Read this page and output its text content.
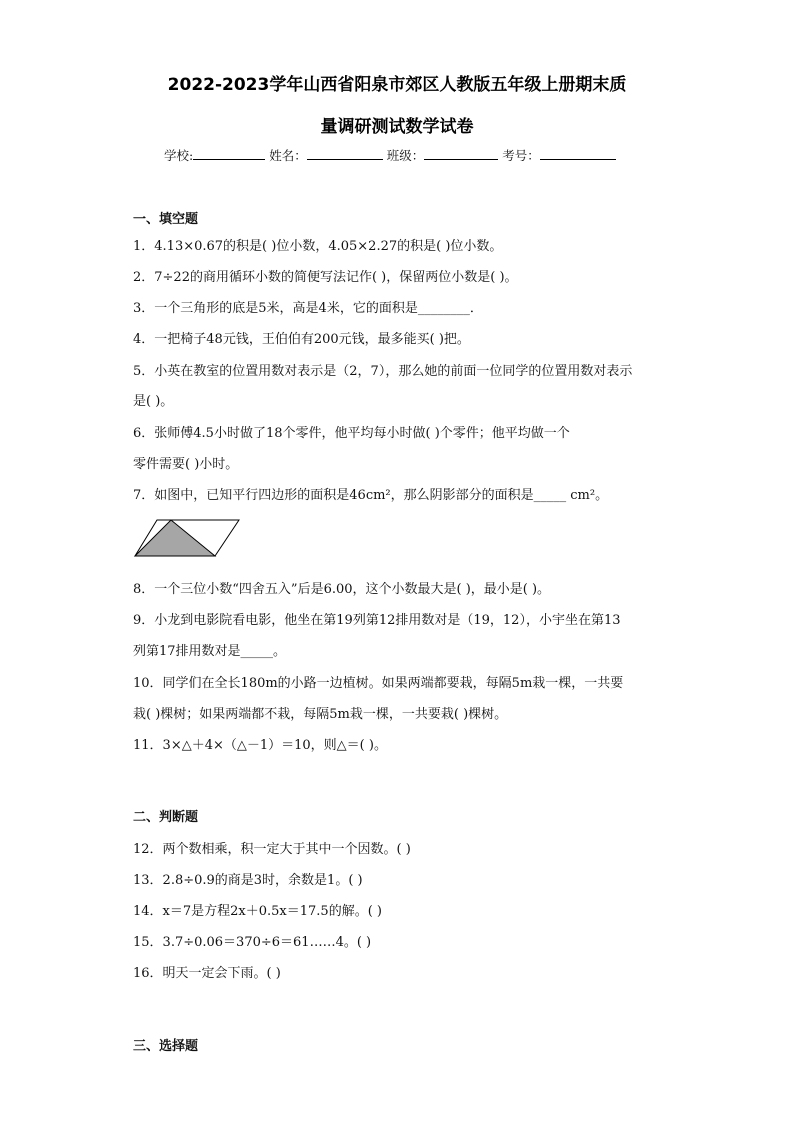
2022-2023学年山西省阳泉市郊区人教版五年级上册期末质
量调研测试数学试卷
学校:	姓名：	班级：	考号：
一、填空题
1．4.13×0.67的积是( )位小数，4.05×2.27的积是( )位小数。
2．7÷22的商用循环小数的简便写法记作( )，保留两位小数是( )。
3．一个三角形的底是5米，高是4米，它的面积是________．
4．一把椅子48元钱，王伯伯有200元钱，最多能买( )把。
5．小英在教室的位置用数对表示是（2，7），那么她的前面一位同学的位置用数对表示
是( )。
6．张师傅4.5小时做了18个零件，他平均每小时做( )个零件；他平均做一个
零件需要( )小时。
7．如图中，已知平行四边形的面积是46cm²，那么阴影部分的面积是_____ cm²。
8．一个三位小数“四舍五入”后是6.00，这个小数最大是( )，最小是( )。
9．小龙到电影院看电影，他坐在第19列第12排用数对是（19，12），小宇坐在第13
列第17排用数对是_____。
10．同学们在全长180m的小路一边植树。如果两端都要栽，每隔5m栽一棵，一共要
栽( )棵树；如果两端都不栽，每隔5m栽一棵，一共要栽( )棵树。
11．3×△＋4×（△－1）＝10，则△＝( )。
二、判断题
12．两个数相乘，积一定大于其中一个因数。( )
13．2.8÷0.9的商是3时，余数是1。( )
14．x＝7是方程2x＋0.5x＝17.5的解。( )
15．3.7÷0.06＝370÷6＝61……4。( )
16．明天一定会下雨。( )
三、选择题
